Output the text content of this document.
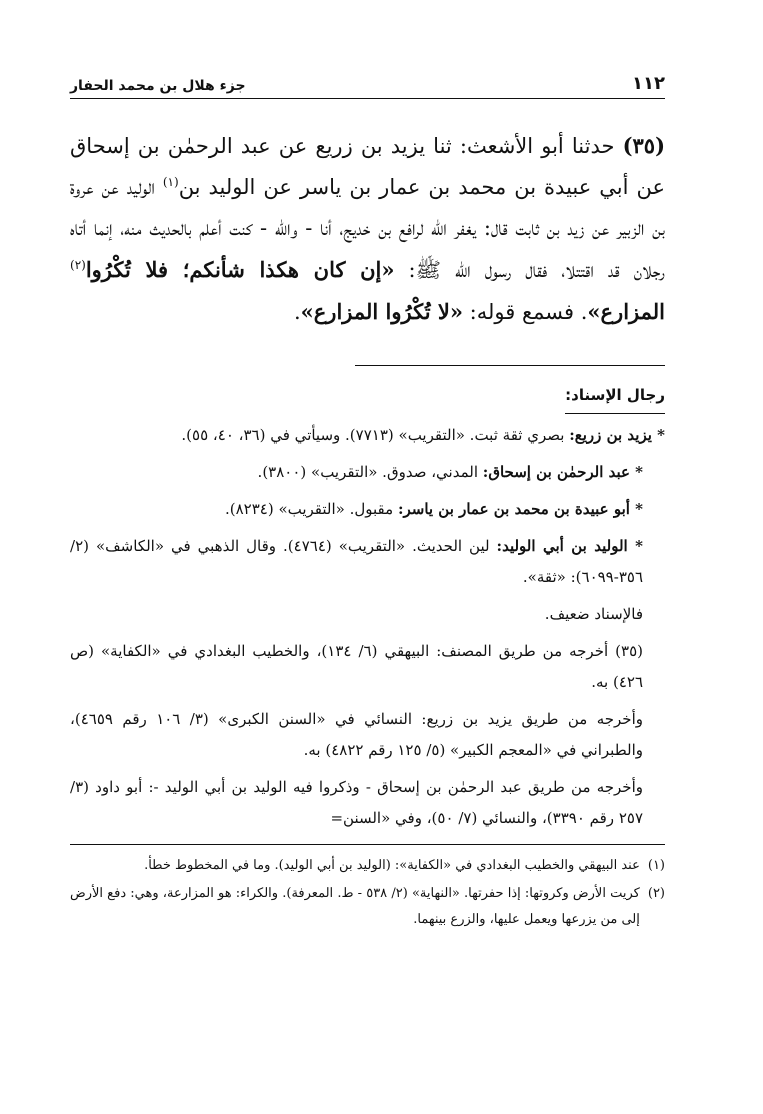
١١٢
جزء هلال بن محمد الحفار
(٣٥) حدثنا أبو الأشعث: ثنا يزيد بن زريع عن عبد الرحمٰن بن إسحاق عن أبي عبيدة بن محمد بن عمار بن ياسر عن الوليد بن$^{(١)}$ الوليد عن عروة بن الزبير عن زيد بن ثابت قال: يغفر الله لرافع بن خديج، أنا - والله - كنت أعلم بالحديث منه، إنما أتاه رجلان قد اقتتلا، فقال رسول الله ﷺ: «إن كان هكذا شأنكم؛ فلا تُكْرُوا$^{(٢)}$ المزارع». فسمع قوله: «لا تُكْرُوا المزارع».
رجال الإسناد:

* يزيد بن زريع: بصري ثقة ثبت. «التقريب» (٧٧١٣). وسيأتي في (٣٦، ٤٠، ٥٥).

* عبد الرحمٰن بن إسحاق: المدني، صدوق. «التقريب» (٣٨٠٠).

* أبو عبيدة بن محمد بن عمار بن ياسر: مقبول. «التقريب» (٨٢٣٤).

* الوليد بن أبي الوليد: لين الحديث. «التقريب» (٤٧٦٤). وقال الذهبي في «الكاشف» (٢/ ٣٥٦-٦٠٩٩): «ثقة».

فالإسناد ضعيف.

(٣٥) أخرجه من طريق المصنف: البيهقي (٦/ ١٣٤)، والخطيب البغدادي في «الكفاية» (ص ٤٢٦) به.

وأخرجه من طريق يزيد بن زريع: النسائي في «السنن الكبرى» (٣/ ١٠٦ رقم ٤٦٥٩)، والطبراني في «المعجم الكبير» (٥/ ١٢٥ رقم ٤٨٢٢) به.

وأخرجه من طريق عبد الرحمٰن بن إسحاق - وذكروا فيه الوليد بن أبي الوليد -: أبو داود (٣/ ٢٥٧ رقم ٣٣٩٠)، والنسائي (٧/ ٥٠)، وفي «السنن=

(١)
عند البيهقي والخطيب البغدادي في «الكفاية»: (الوليد بن أبي الوليد). وما في المخطوط خطأ.
(٢)
كريت الأرض وكروتها: إذا حفرتها. «النهاية» (٢/ ٥٣٨ - ط. المعرفة). والكراء: هو المزارعة، وهي: دفع الأرض إلى من يزرعها ويعمل عليها، والزرع بينهما.
